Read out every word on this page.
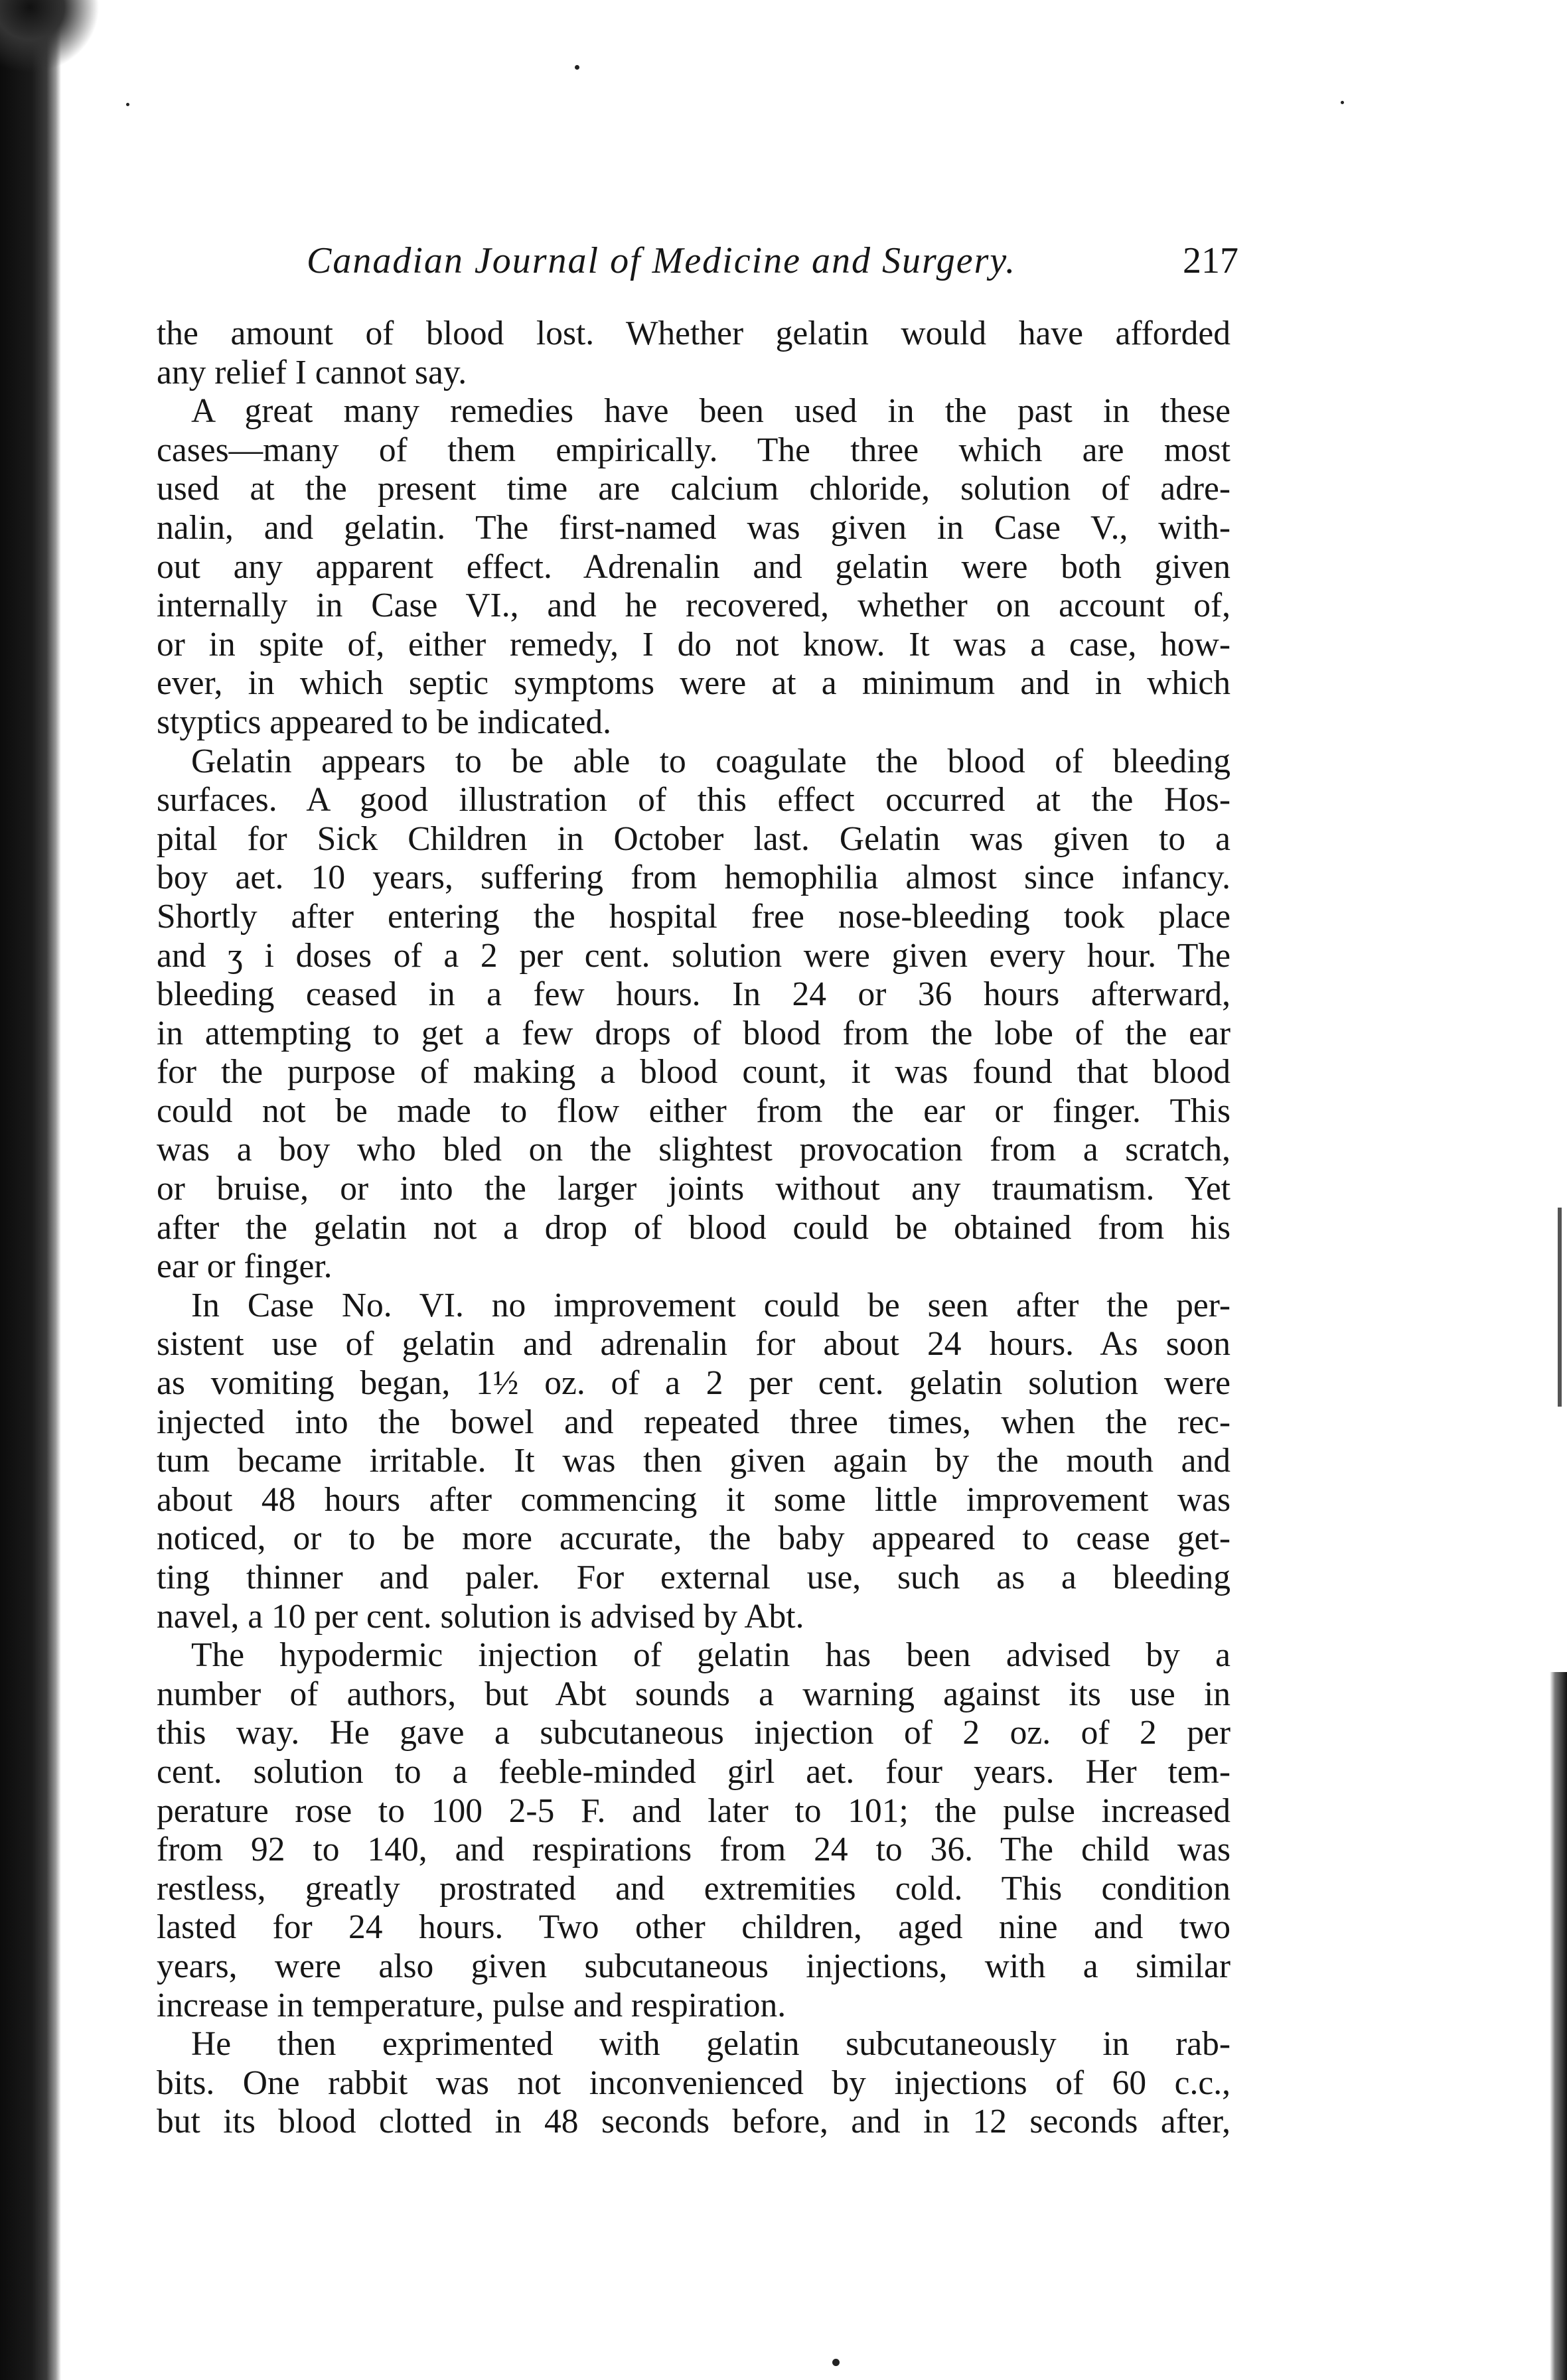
Canadian Journal of Medicine and Surgery.	217
the amount of blood lost. Whether gelatin would have afforded
any relief I cannot say.
A great many remedies have been used in the past in these
cases—many of them empirically. The three which are most
used at the present time are calcium chloride, solution of adre-
nalin, and gelatin. The first-named was given in Case V., with-
out any apparent effect. Adrenalin and gelatin were both given
internally in Case VI., and he recovered, whether on account of,
or in spite of, either remedy, I do not know. It was a case, how-
ever, in which septic symptoms were at a minimum and in which
styptics appeared to be indicated.
Gelatin appears to be able to coagulate the blood of bleeding
surfaces. A good illustration of this effect occurred at the Hos-
pital for Sick Children in October last. Gelatin was given to a
boy aet. 10 years, suffering from hemophilia almost since infancy.
Shortly after entering the hospital free nose-bleeding took place
and ʒ i doses of a 2 per cent. solution were given every hour. The
bleeding ceased in a few hours. In 24 or 36 hours afterward,
in attempting to get a few drops of blood from the lobe of the ear
for the purpose of making a blood count, it was found that blood
could not be made to flow either from the ear or finger. This
was a boy who bled on the slightest provocation from a scratch,
or bruise, or into the larger joints without any traumatism. Yet
after the gelatin not a drop of blood could be obtained from his
ear or finger.
In Case No. VI. no improvement could be seen after the per-
sistent use of gelatin and adrenalin for about 24 hours. As soon
as vomiting began, 1½ oz. of a 2 per cent. gelatin solution were
injected into the bowel and repeated three times, when the rec-
tum became irritable. It was then given again by the mouth and
about 48 hours after commencing it some little improvement was
noticed, or to be more accurate, the baby appeared to cease get-
ting thinner and paler. For external use, such as a bleeding
navel, a 10 per cent. solution is advised by Abt.
The hypodermic injection of gelatin has been advised by a
number of authors, but Abt sounds a warning against its use in
this way. He gave a subcutaneous injection of 2 oz. of 2 per
cent. solution to a feeble-minded girl aet. four years. Her tem-
perature rose to 100 2-5 F. and later to 101; the pulse increased
from 92 to 140, and respirations from 24 to 36. The child was
restless, greatly prostrated and extremities cold. This condition
lasted for 24 hours. Two other children, aged nine and two
years, were also given subcutaneous injections, with a similar
increase in temperature, pulse and respiration.
He then exprimented with gelatin subcutaneously in rab-
bits. One rabbit was not inconvenienced by injections of 60 c.c.,
but its blood clotted in 48 seconds before, and in 12 seconds after,
